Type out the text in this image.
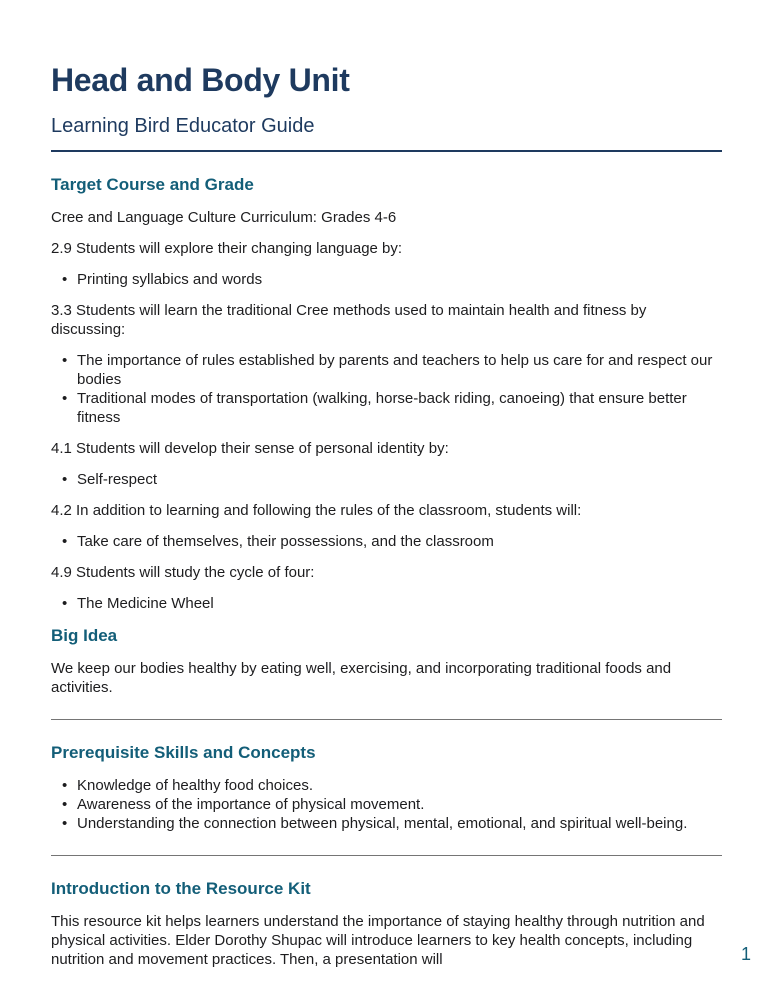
Head and Body Unit
Learning Bird Educator Guide
Target Course and Grade

Cree and Language Culture Curriculum: Grades 4-6

2.9 Students will explore their changing language by:

• Printing syllabics and words

3.3 Students will learn the traditional Cree methods used to maintain health and fitness by discussing:

• The importance of rules established by parents and teachers to help us care for and respect our bodies
• Traditional modes of transportation (walking, horse-back riding, canoeing) that ensure better fitness

4.1 Students will develop their sense of personal identity by:

• Self-respect

4.2 In addition to learning and following the rules of the classroom, students will:

• Take care of themselves, their possessions, and the classroom

4.9 Students will study the cycle of four:

• The Medicine Wheel
Big Idea

We keep our bodies healthy by eating well, exercising, and incorporating traditional foods and activities.

Prerequisite Skills and Concepts
• Knowledge of healthy food choices.
• Awareness of the importance of physical movement.
• Understanding the connection between physical, mental, emotional, and spiritual well-being.
Introduction to the Resource Kit

This resource kit helps learners understand the importance of staying healthy through nutrition and physical activities. Elder Dorothy Shupac will introduce learners to key health concepts, including nutrition and movement practices. Then, a presentation will	1
